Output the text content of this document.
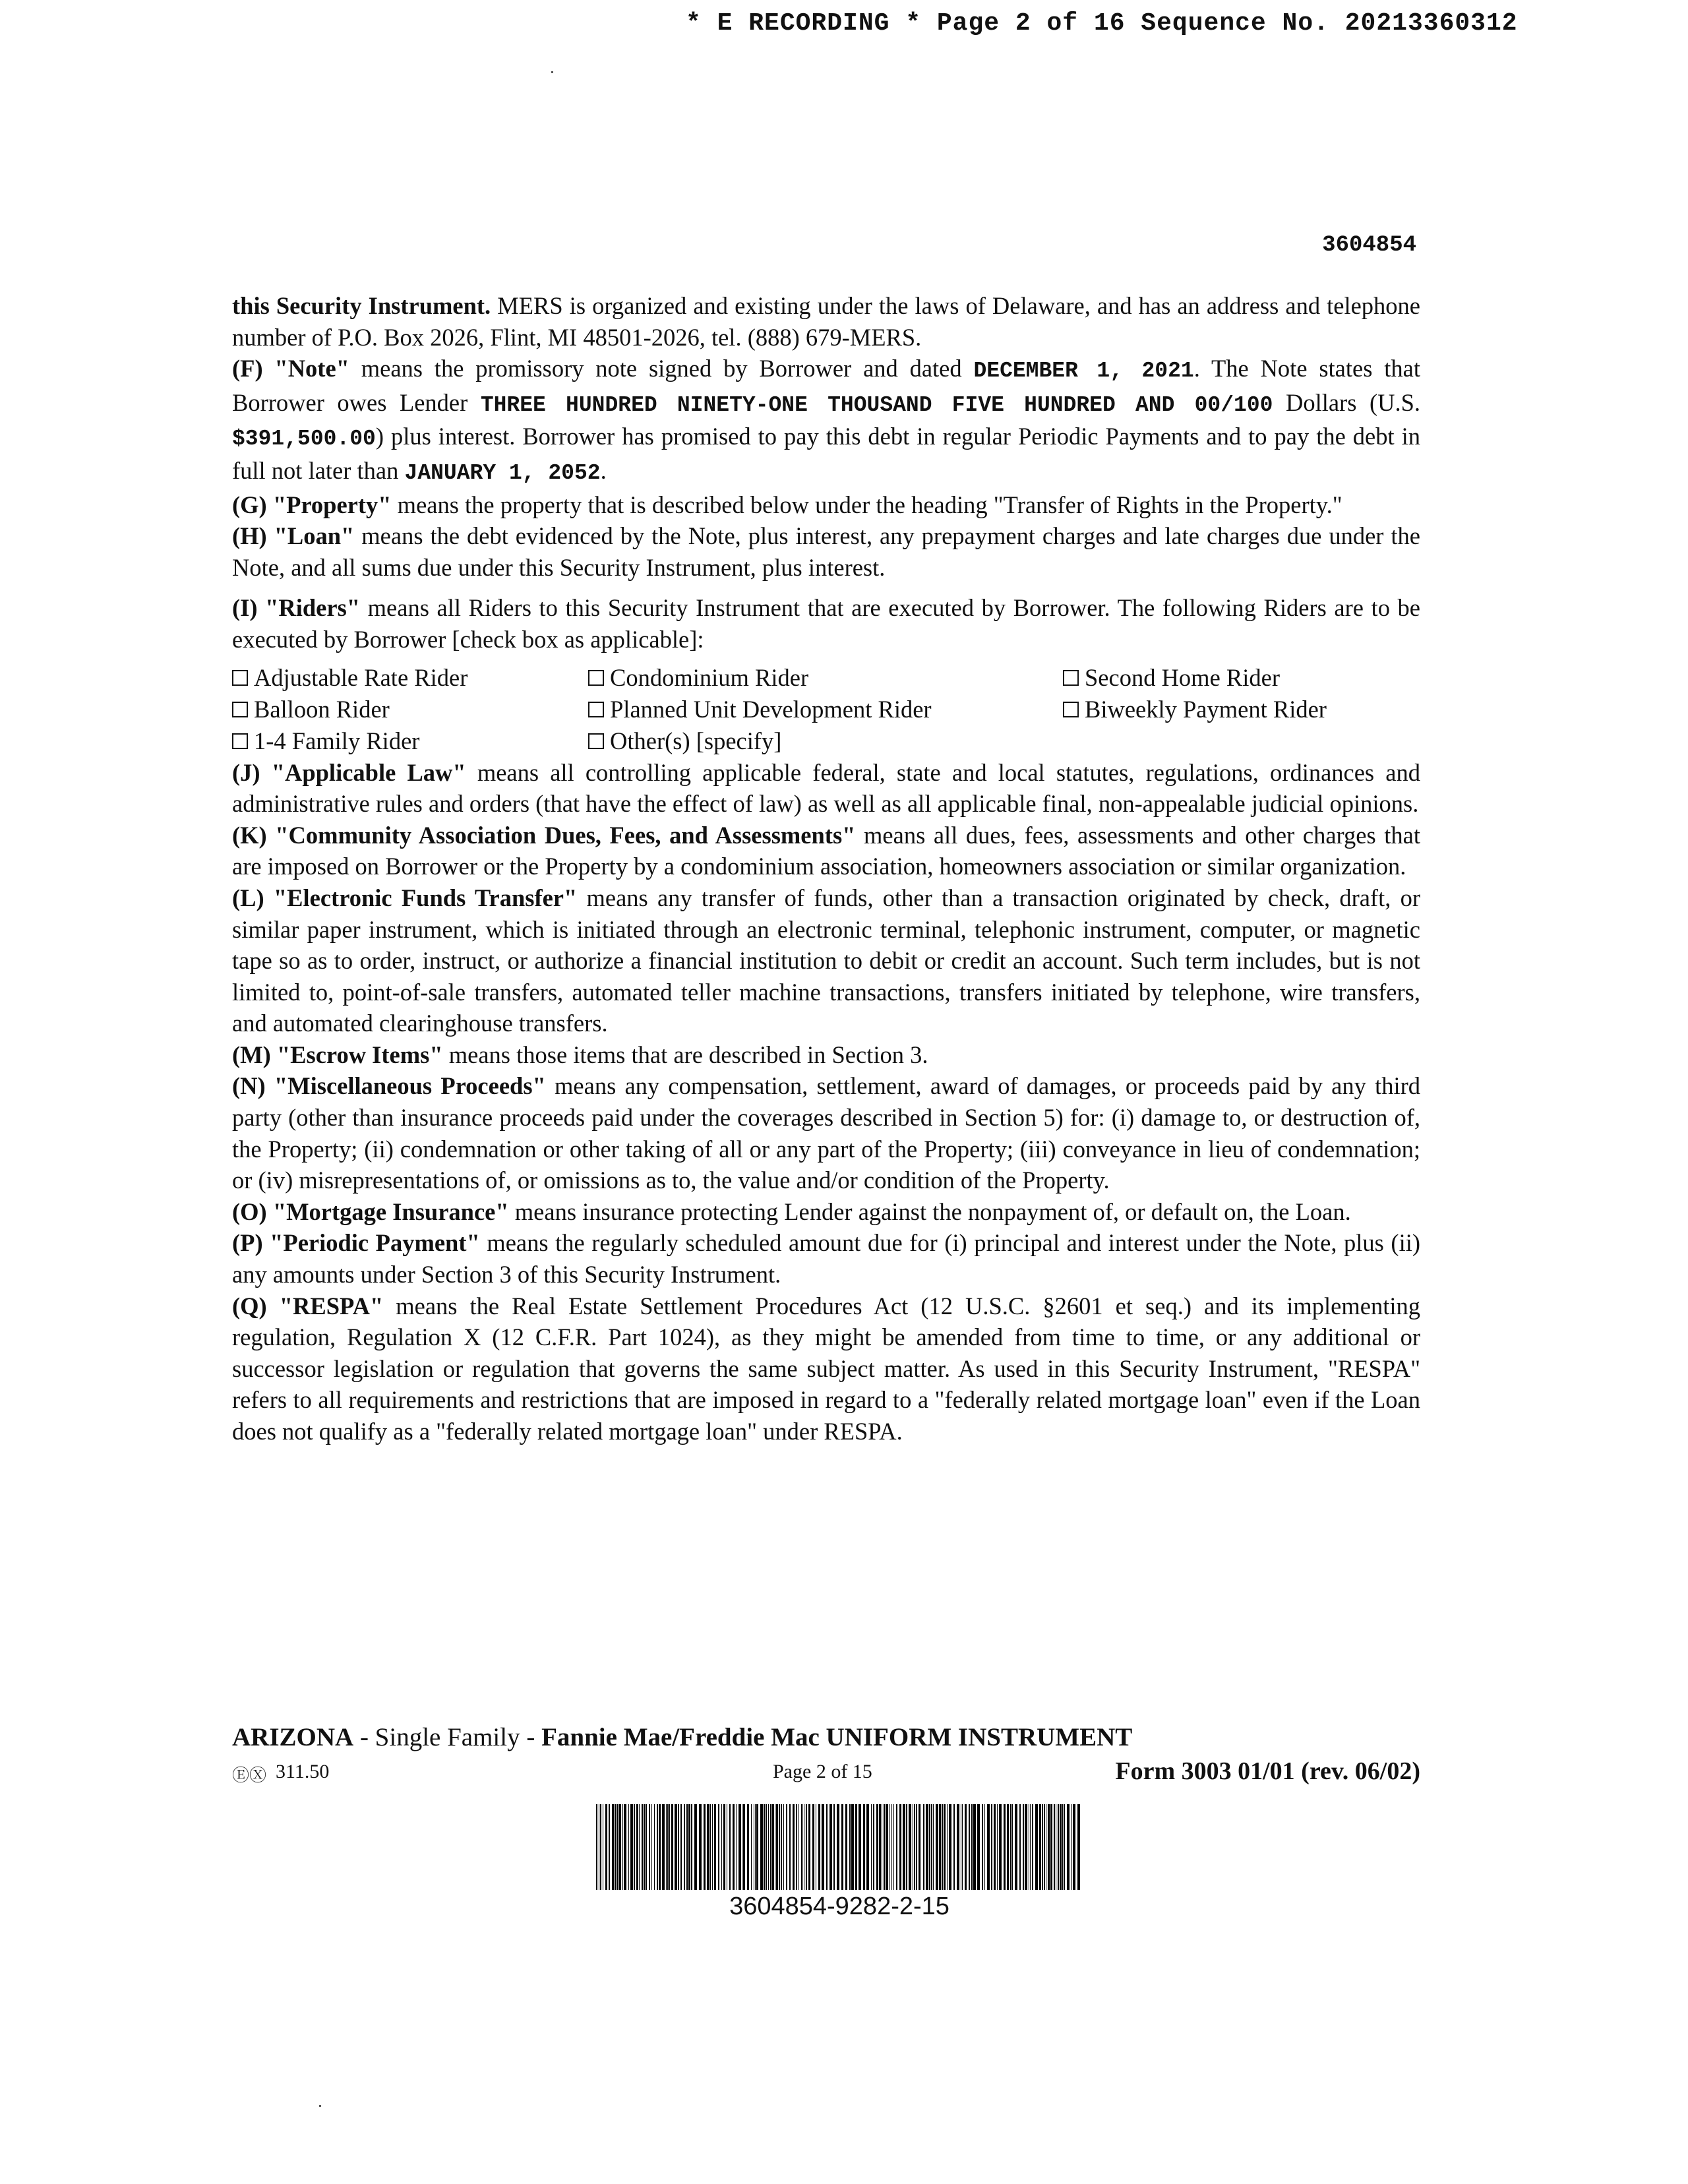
* E RECORDING * Page 2 of 16 Sequence No. 20213360312
3604854

this Security Instrument. MERS is organized and existing under the laws of Delaware, and has an address and telephone number of P.O. Box 2026, Flint, MI 48501-2026, tel. (888) 679-MERS.

(F) "Note" means the promissory note signed by Borrower and dated DECEMBER 1, 2021. The Note states that Borrower owes Lender THREE HUNDRED NINETY-ONE THOUSAND FIVE HUNDRED AND 00/100 Dollars (U.S. $391,500.00) plus interest. Borrower has promised to pay this debt in regular Periodic Payments and to pay the debt in full not later than JANUARY 1, 2052.

(G) "Property" means the property that is described below under the heading "Transfer of Rights in the Property."

(H) "Loan" means the debt evidenced by the Note, plus interest, any prepayment charges and late charges due under the Note, and all sums due under this Security Instrument, plus interest.

(I) "Riders" means all Riders to this Security Instrument that are executed by Borrower. The following Riders are to be executed by Borrower [check box as applicable]:

Adjustable Rate Rider	Condominium Rider	Second Home Rider
Balloon Rider	Planned Unit Development Rider	Biweekly Payment Rider
1-4 Family Rider	Other(s) [specify]

(J) "Applicable Law" means all controlling applicable federal, state and local statutes, regulations, ordinances and administrative rules and orders (that have the effect of law) as well as all applicable final, non-appealable judicial opinions.

(K) "Community Association Dues, Fees, and Assessments" means all dues, fees, assessments and other charges that are imposed on Borrower or the Property by a condominium association, homeowners association or similar organization.

(L) "Electronic Funds Transfer" means any transfer of funds, other than a transaction originated by check, draft, or similar paper instrument, which is initiated through an electronic terminal, telephonic instrument, computer, or magnetic tape so as to order, instruct, or authorize a financial institution to debit or credit an account. Such term includes, but is not limited to, point-of-sale transfers, automated teller machine transactions, transfers initiated by telephone, wire transfers, and automated clearinghouse transfers.

(M) "Escrow Items" means those items that are described in Section 3.

(N) "Miscellaneous Proceeds" means any compensation, settlement, award of damages, or proceeds paid by any third party (other than insurance proceeds paid under the coverages described in Section 5) for: (i) damage to, or destruction of, the Property; (ii) condemnation or other taking of all or any part of the Property; (iii) conveyance in lieu of condemnation; or (iv) misrepresentations of, or omissions as to, the value and/or condition of the Property.

(O) "Mortgage Insurance" means insurance protecting Lender against the nonpayment of, or default on, the Loan.

(P) "Periodic Payment" means the regularly scheduled amount due for (i) principal and interest under the Note, plus (ii) any amounts under Section 3 of this Security Instrument.

(Q) "RESPA" means the Real Estate Settlement Procedures Act (12 U.S.C. §2601 et seq.) and its implementing regulation, Regulation X (12 C.F.R. Part 1024), as they might be amended from time to time, or any additional or successor legislation or regulation that governs the same subject matter. As used in this Security Instrument, "RESPA" refers to all requirements and restrictions that are imposed in regard to a "federally related mortgage loan" even if the Loan does not qualify as a "federally related mortgage loan" under RESPA.

ARIZONA - Single Family - Fannie Mae/Freddie Mac UNIFORM INSTRUMENT
ⒺⓍ 311.50	Page 2 of 15	Form 3003 01/01 (rev. 06/02)
3604854-9282-2-15
